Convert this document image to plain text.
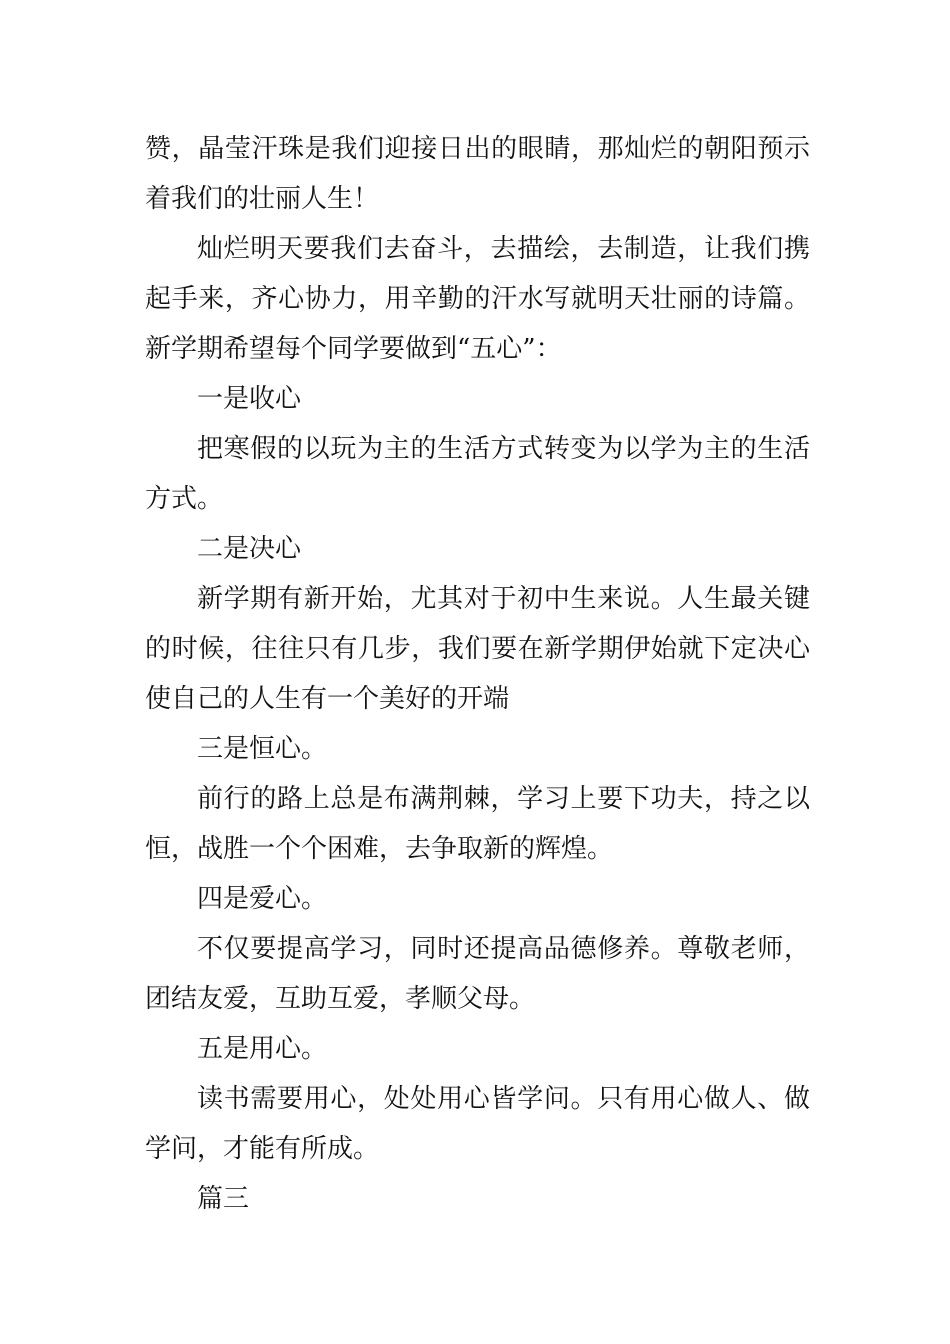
赞，晶莹汗珠是我们迎接日出的眼睛，那灿烂的朝阳预示着我们的壮丽人生！

灿烂明天要我们去奋斗，去描绘，去制造，让我们携起手来，齐心协力，用辛勤的汗水写就明天壮丽的诗篇。新学期希望每个同学要做到“五心”：

一是收心

把寒假的以玩为主的生活方式转变为以学为主的生活方式。

二是决心

新学期有新开始，尤其对于初中生来说。人生最关键的时候，往往只有几步，我们要在新学期伊始就下定决心使自己的人生有一个美好的开端

三是恒心。

前行的路上总是布满荆棘，学习上要下功夫，持之以恒，战胜一个个困难，去争取新的辉煌。

四是爱心。

不仅要提高学习，同时还提高品德修养。尊敬老师，团结友爱，互助互爱，孝顺父母。

五是用心。

读书需要用心，处处用心皆学问。只有用心做人、做学问，才能有所成。

篇三
